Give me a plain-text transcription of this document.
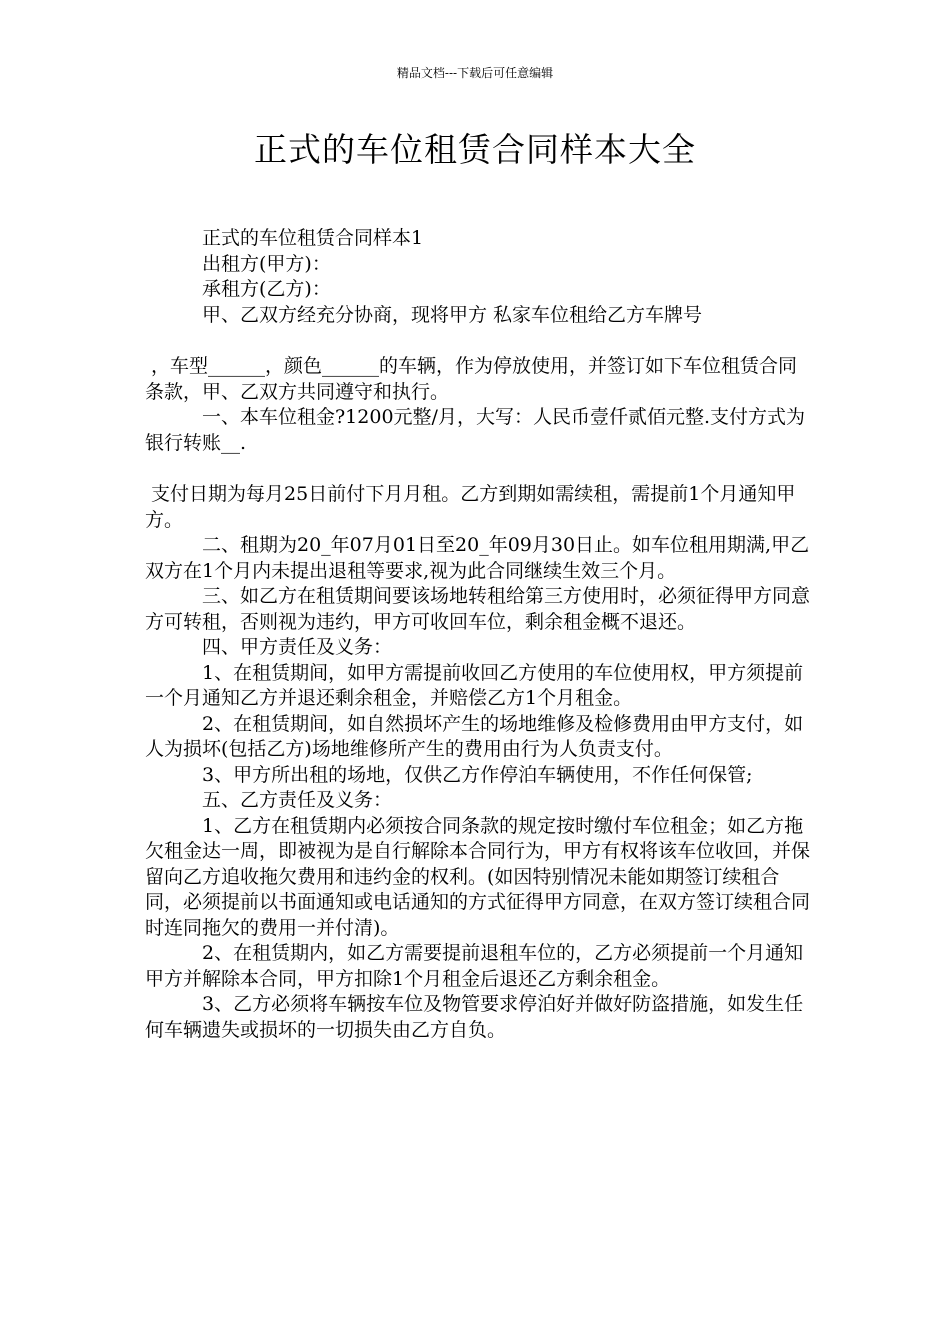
精品文档---下载后可任意编辑
正式的车位租赁合同样本大全

正式的车位租赁合同样本1

出租方(甲方)：

承租方(乙方)：

甲、乙双方经充分协商，现将甲方 私家车位租给乙方车牌号

，车型______，颜色______的车辆，作为停放使用，并签订如下车位租赁合同条款，甲、乙双方共同遵守和执行。

一、本车位租金?1200元整/月，大写：人民币壹仟贰佰元整.支付方式为银行转账__.

支付日期为每月25日前付下月月租。乙方到期如需续租，需提前1个月通知甲方。

二、租期为20_年07月01日至20_年09月30日止。如车位租用期满,甲乙双方在1个月内未提出退租等要求,视为此合同继续生效三个月。

三、如乙方在租赁期间要该场地转租给第三方使用时，必须征得甲方同意方可转租，否则视为违约，甲方可收回车位，剩余租金概不退还。

四、甲方责任及义务：

1、在租赁期间，如甲方需提前收回乙方使用的车位使用权，甲方须提前一个月通知乙方并退还剩余租金，并赔偿乙方1个月租金。

2、在租赁期间，如自然损坏产生的场地维修及检修费用由甲方支付，如人为损坏(包括乙方)场地维修所产生的费用由行为人负责支付。

3、甲方所出租的场地，仅供乙方作停泊车辆使用，不作任何保管;

五、乙方责任及义务：

1、乙方在租赁期内必须按合同条款的规定按时缴付车位租金；如乙方拖欠租金达一周，即被视为是自行解除本合同行为，甲方有权将该车位收回，并保留向乙方追收拖欠费用和违约金的权利。(如因特别情况未能如期签订续租合同，必须提前以书面通知或电话通知的方式征得甲方同意，在双方签订续租合同时连同拖欠的费用一并付清)。

2、在租赁期内，如乙方需要提前退租车位的，乙方必须提前一个月通知甲方并解除本合同，甲方扣除1个月租金后退还乙方剩余租金。

3、乙方必须将车辆按车位及物管要求停泊好并做好防盗措施，如发生任何车辆遗失或损坏的一切损失由乙方自负。
